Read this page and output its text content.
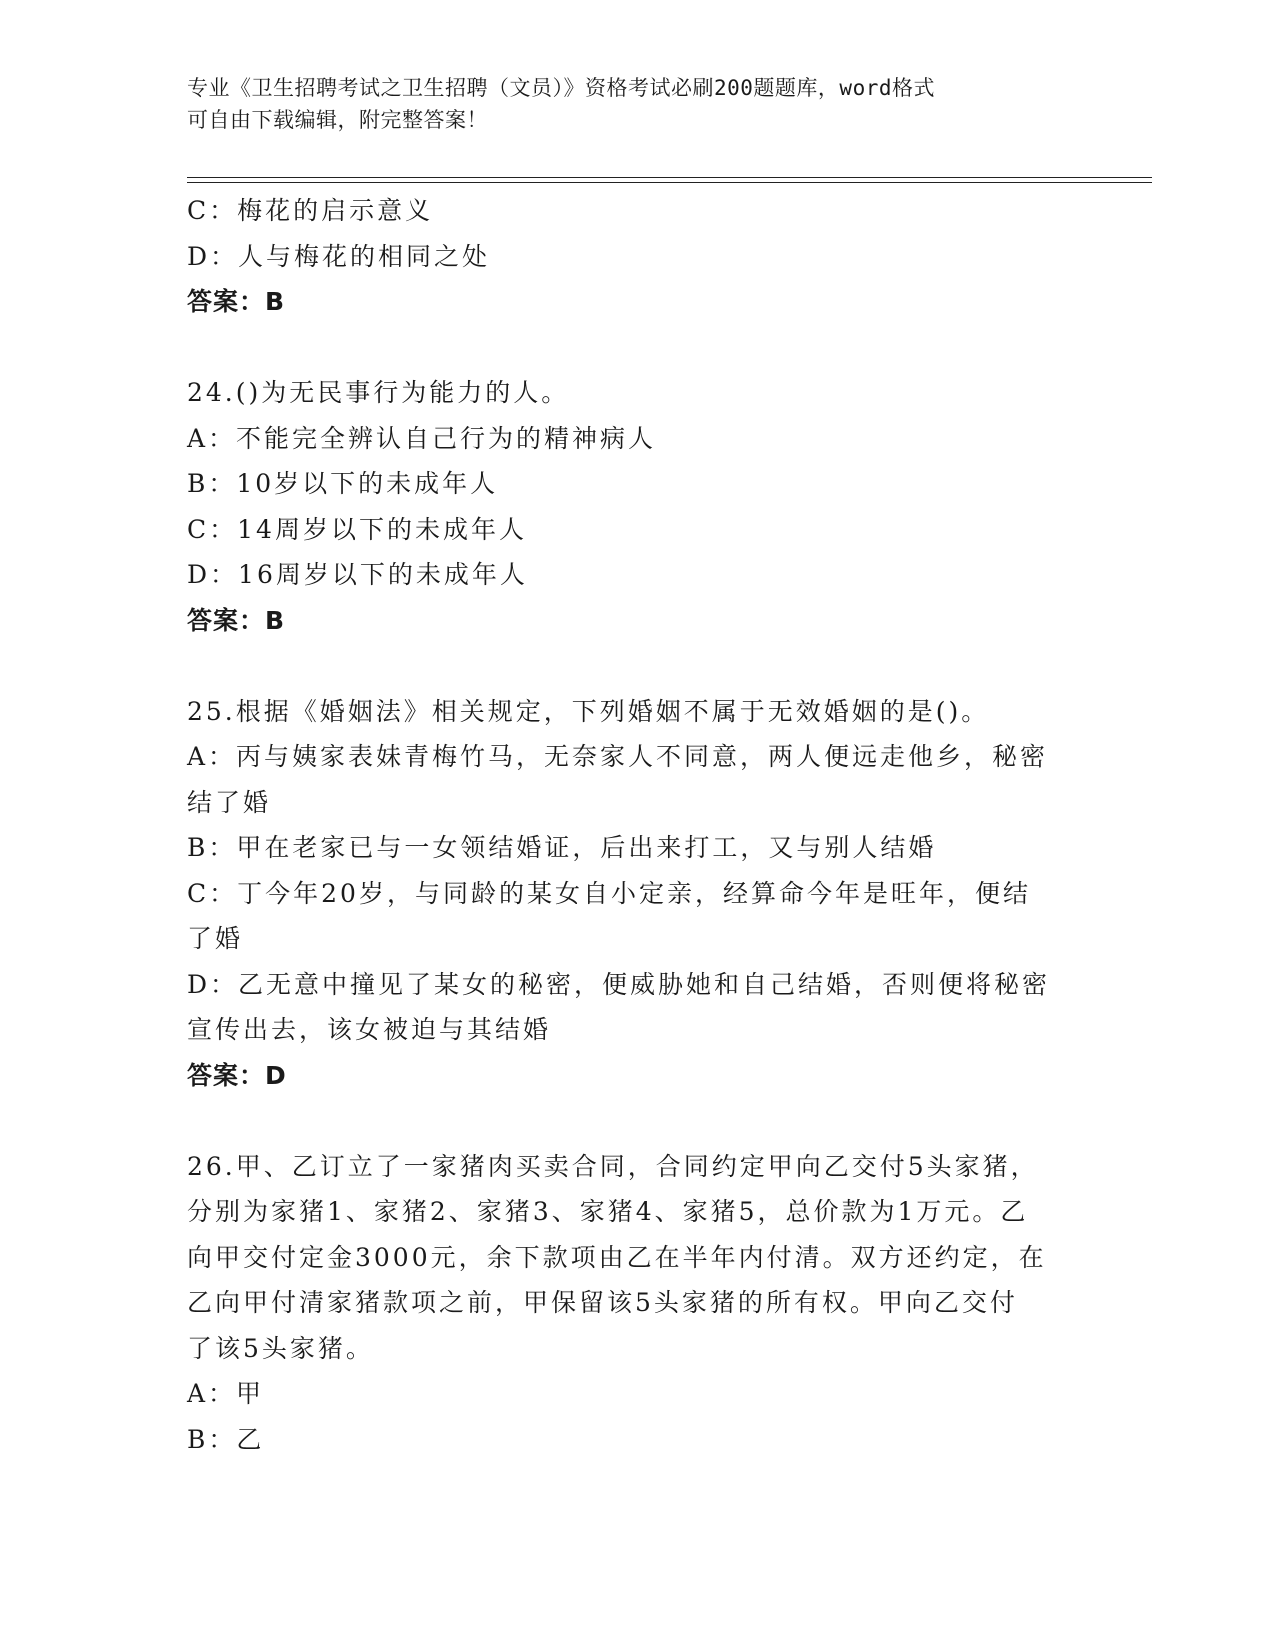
专业《卫生招聘考试之卫生招聘（文员）》资格考试必刷200题题库，word格式
可自由下载编辑，附完整答案！
C：梅花的启示意义
D：人与梅花的相同之处
答案：B
24.()为无民事行为能力的人。
A：不能完全辨认自己行为的精神病人
B：10岁以下的未成年人
C：14周岁以下的未成年人
D：16周岁以下的未成年人
答案：B
25.根据《婚姻法》相关规定，下列婚姻不属于无效婚姻的是()。
A：丙与姨家表妹青梅竹马，无奈家人不同意，两人便远走他乡，秘密
结了婚
B：甲在老家已与一女领结婚证，后出来打工，又与别人结婚
C：丁今年20岁，与同龄的某女自小定亲，经算命今年是旺年，便结
了婚
D：乙无意中撞见了某女的秘密，便威胁她和自己结婚，否则便将秘密
宣传出去，该女被迫与其结婚
答案：D
26.甲、乙订立了一家猪肉买卖合同，合同约定甲向乙交付5头家猪，
分别为家猪1、家猪2、家猪3、家猪4、家猪5，总价款为1万元。乙
向甲交付定金3000元，余下款项由乙在半年内付清。双方还约定，在
乙向甲付清家猪款项之前，甲保留该5头家猪的所有权。甲向乙交付
了该5头家猪。
A：甲
B：乙
